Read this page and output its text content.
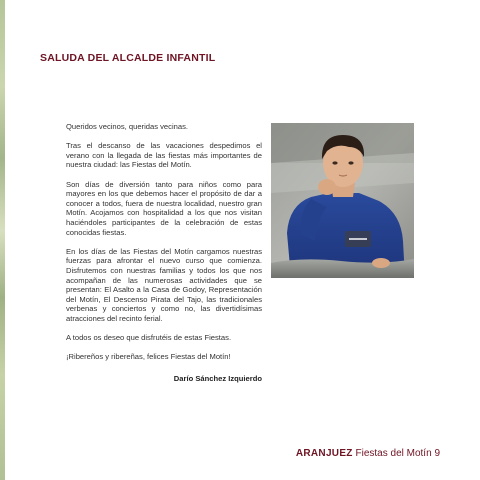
SALUDA DEL ALCALDE INFANTIL

Queridos vecinos, queridas vecinas.

Tras el descanso de las vacaciones despedimos el verano con la llegada de las fiestas más importantes de nuestra ciudad: las Fiestas del Motín.

Son días de diversión tanto para niños como para mayores en los que debemos hacer el propósito de dar a conocer a todos, fuera de nuestra localidad, nuestro gran Motín. Acojamos con hospitalidad a los que nos visitan haciéndoles participantes de la celebración de estas conocidas fiestas.

En los días de las Fiestas del Motín cargamos nuestras fuerzas para afrontar el nuevo curso que comienza. Disfrutemos con nuestras familias y todos los que nos acompañan de las numerosas actividades que se presentan: El Asalto a la Casa de Godoy, Representación del Motín, El Descenso Pirata del Tajo, las tradicionales verbenas y conciertos y como no, las divertidísimas atracciones del recinto ferial.

A todos os deseo que disfrutéis de estas Fiestas.

¡Ribereños y ribereñas, felices Fiestas del Motín!

Darío Sánchez Izquierdo
ARANJUEZ Fiestas del Motín 9
